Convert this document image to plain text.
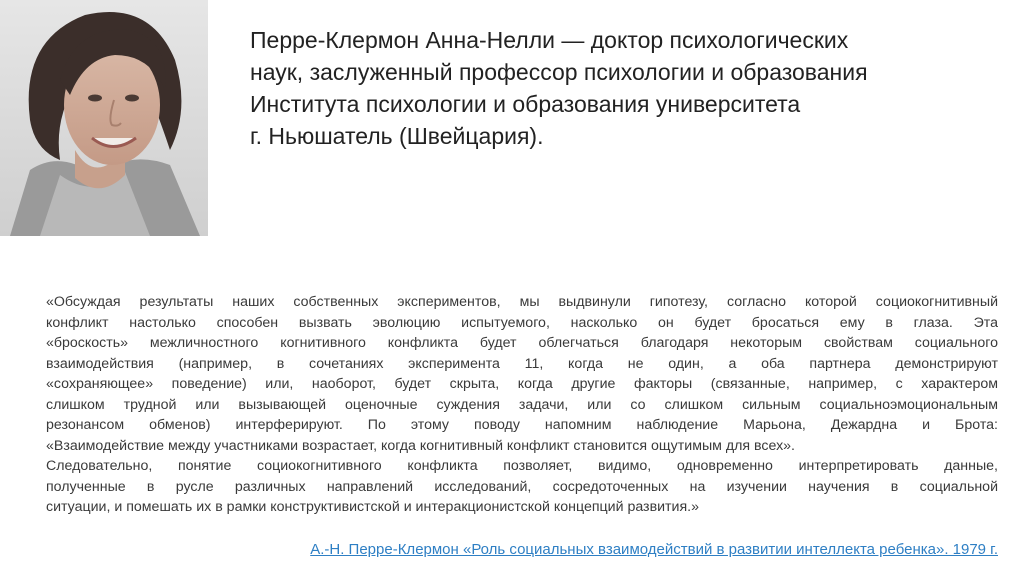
Перре-Клермон Анна-Нелли — доктор психологических
наук, заслуженный профессор психологии и образования
Института психологии и образования университета
г. Ньюшатель (Швейцария).

«Обсуждая результаты наших собственных экспериментов, мы выдвинули гипотезу, согласно которой социокогнитивный
конфликт настолько способен вызвать эволюцию испытуемого, насколько он будет бросаться ему в глаза. Эта
«броскость» межличностного когнитивного конфликта будет облегчаться благодаря некоторым свойствам социального
взаимодействия (например, в сочетаниях эксперимента 11, когда не один, а оба партнера демонстрируют
«сохраняющее» поведение) или, наоборот, будет скрыта, когда другие факторы (связанные, например, с характером
слишком трудной или вызывающей оценочные суждения задачи, или со слишком сильным социальноэмоциональным
резонансом обменов) интерферируют. По этому поводу напомним наблюдение Марьона, Дежардна и Брота:
«Взаимодействие между участниками возрастает, когда когнитивный конфликт становится ощутимым для всех».
Следовательно, понятие социокогнитивного конфликта позволяет, видимо, одновременно интерпретировать данные,
полученные в русле различных направлений исследований, сосредоточенных на изучении научения в социальной
ситуации, и помешать их в рамки конструктивистской и интеракционистской концепций развития.»
А.-Н. Перре-Клермон «Роль социальных взаимодействий в развитии интеллекта ребенка». 1979 г.
